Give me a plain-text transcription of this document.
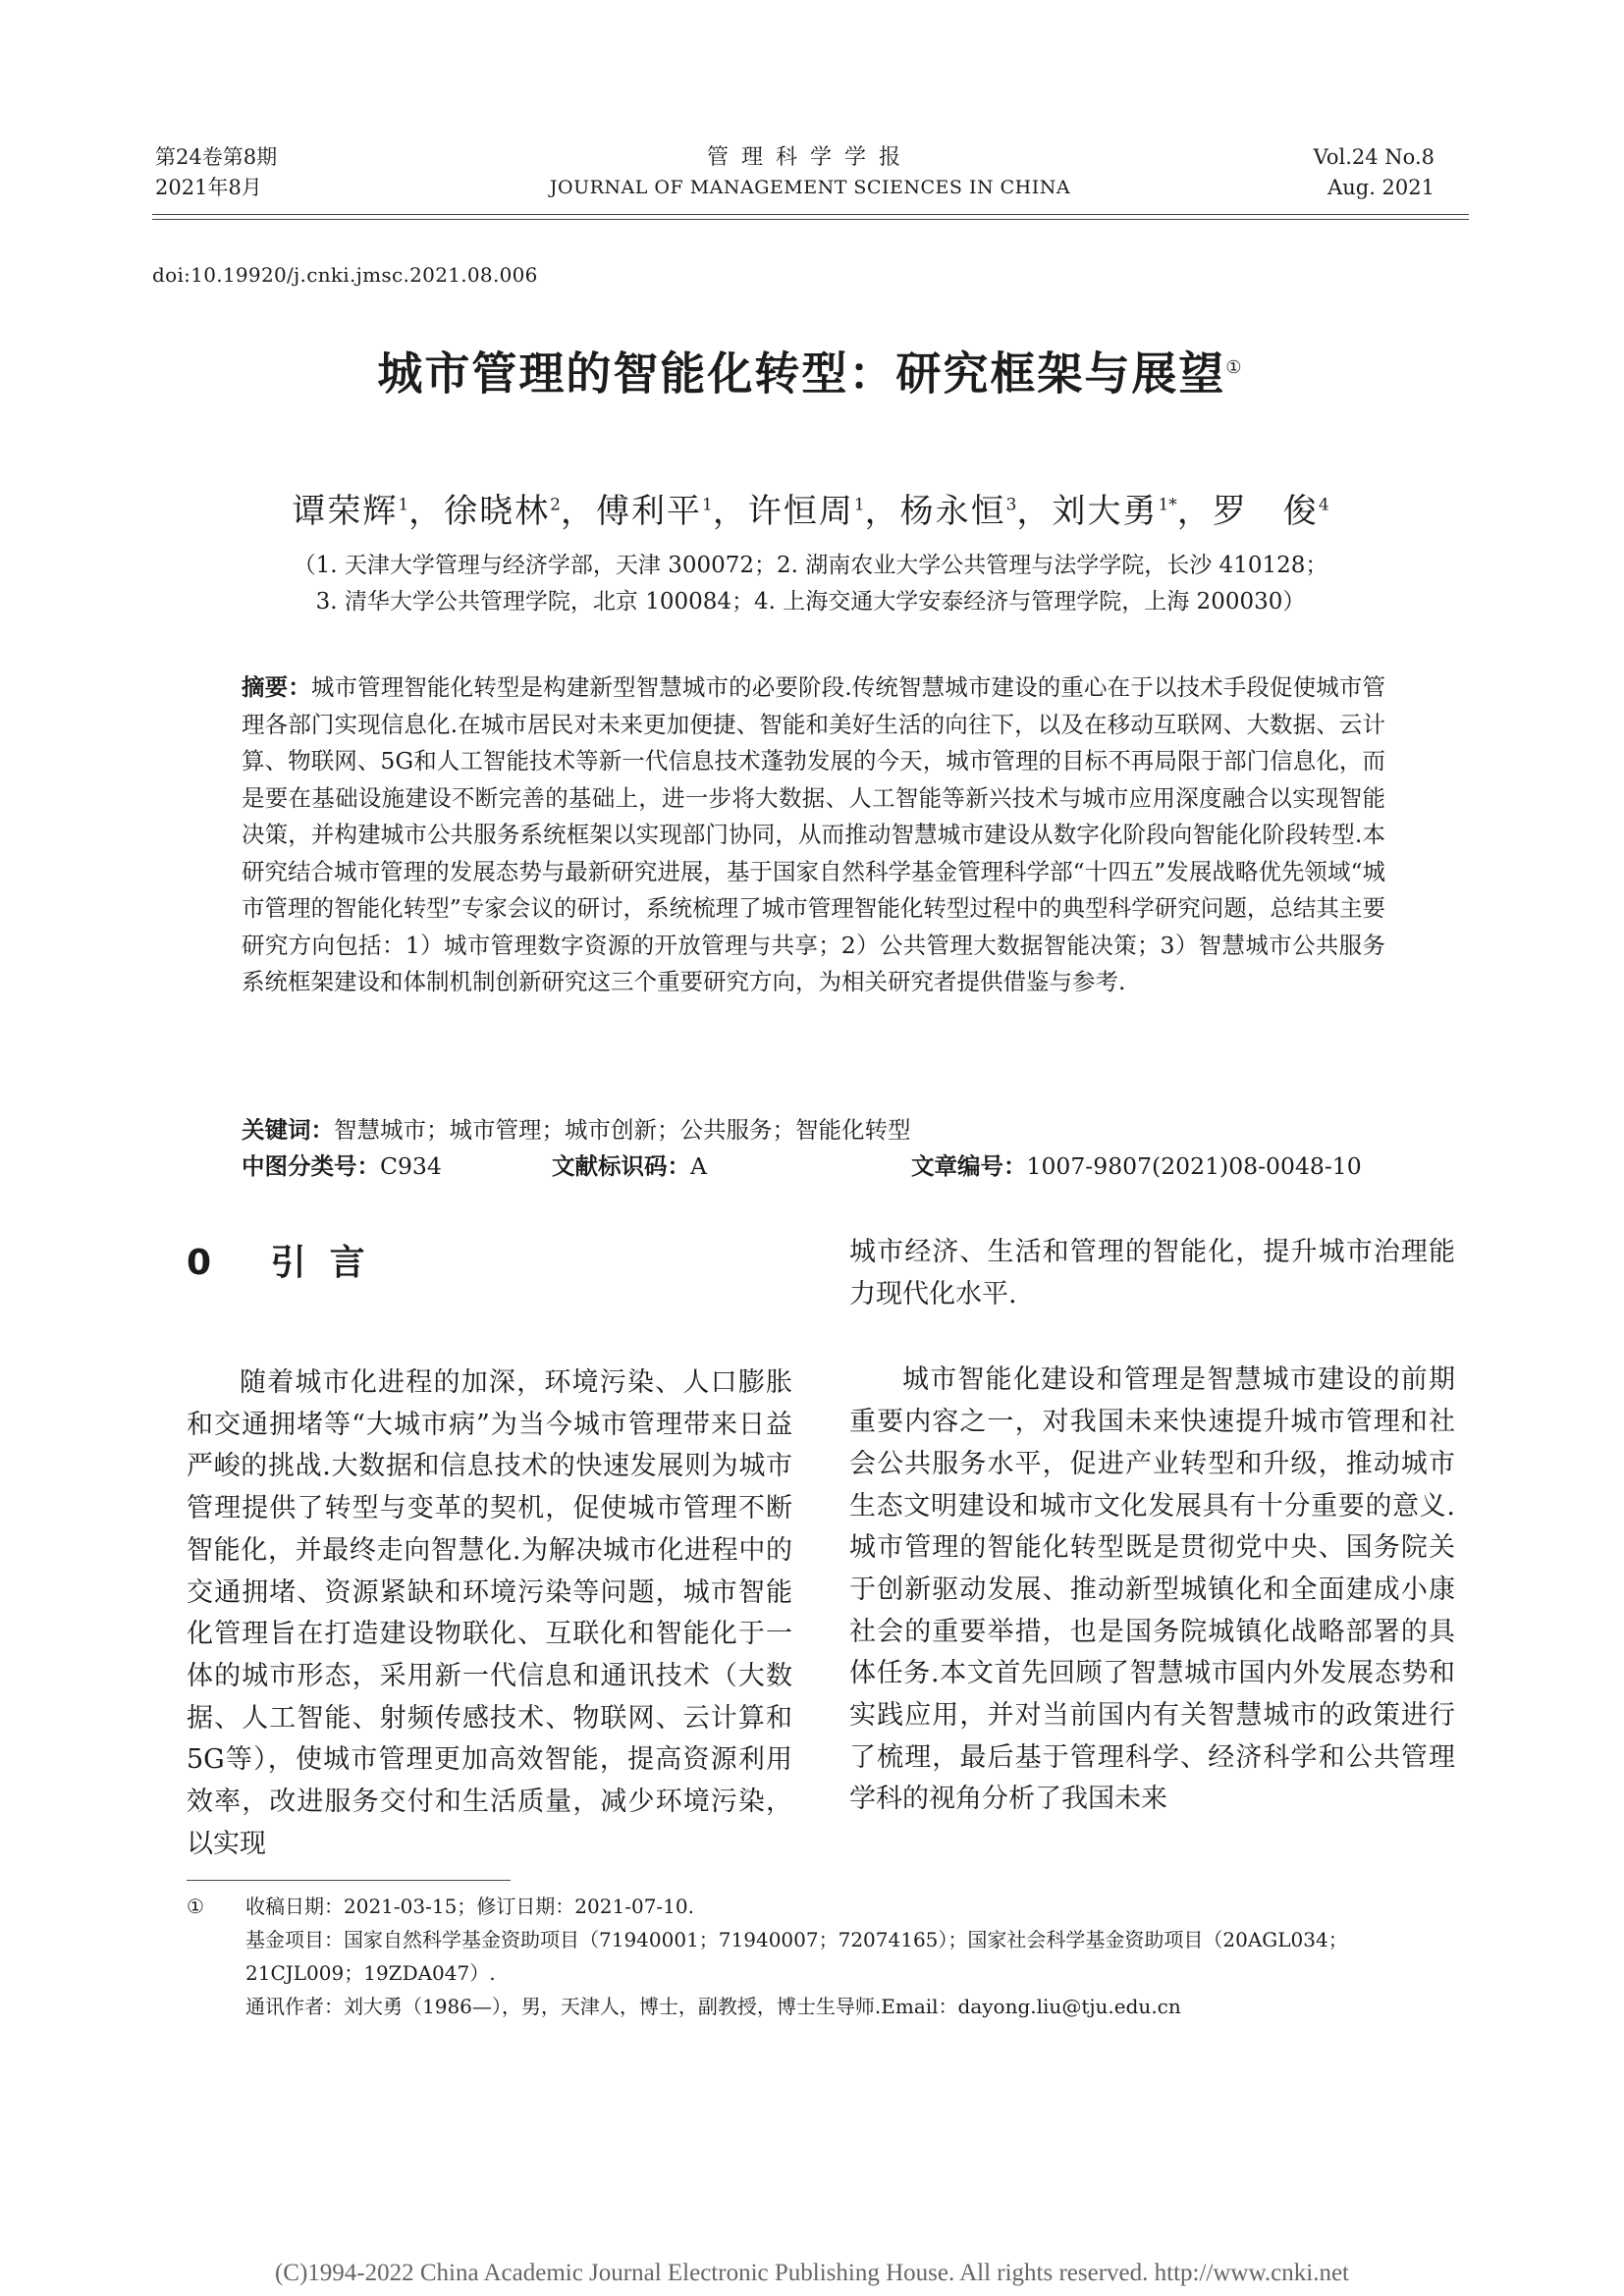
第24卷第8期
2021年8月
管理科学学报
JOURNAL OF MANAGEMENT SCIENCES IN CHINA
Vol.24 No.8
Aug. 2021
doi:10.19920/j.cnki.jmsc.2021.08.006
城市管理的智能化转型：研究框架与展望①
谭荣辉$^1$，徐晓林$^2$，傅利平$^1$，许恒周$^1$，杨永恒$^3$，刘大勇$^{1*}$，罗　俊$^4$
（1. 天津大学管理与经济学部，天津 300072；2. 湖南农业大学公共管理与法学学院，长沙 410128；
3. 清华大学公共管理学院，北京 100084；4. 上海交通大学安泰经济与管理学院，上海 200030）
摘要：城市管理智能化转型是构建新型智慧城市的必要阶段.传统智慧城市建设的重心在于以技术手段促使城市管理各部门实现信息化.在城市居民对未来更加便捷、智能和美好生活的向往下，以及在移动互联网、大数据、云计算、物联网、5G和人工智能技术等新一代信息技术蓬勃发展的今天，城市管理的目标不再局限于部门信息化，而是要在基础设施建设不断完善的基础上，进一步将大数据、人工智能等新兴技术与城市应用深度融合以实现智能决策，并构建城市公共服务系统框架以实现部门协同，从而推动智慧城市建设从数字化阶段向智能化阶段转型.本研究结合城市管理的发展态势与最新研究进展，基于国家自然科学基金管理科学部“十四五”发展战略优先领域“城市管理的智能化转型”专家会议的研讨，系统梳理了城市管理智能化转型过程中的典型科学研究问题，总结其主要研究方向包括：1）城市管理数字资源的开放管理与共享；2）公共管理大数据智能决策；3）智慧城市公共服务系统框架建设和体制机制创新研究这三个重要研究方向，为相关研究者提供借鉴与参考.
关键词：智慧城市；城市管理；城市创新；公共服务；智能化转型
中图分类号：C934	文献标识码：A	文章编号：1007-9807(2021)08-0048-10
0 引言

随着城市化进程的加深，环境污染、人口膨胀和交通拥堵等“大城市病”为当今城市管理带来日益严峻的挑战.大数据和信息技术的快速发展则为城市管理提供了转型与变革的契机，促使城市管理不断智能化，并最终走向智慧化.为解决城市化进程中的交通拥堵、资源紧缺和环境污染等问题，城市智能化管理旨在打造建设物联化、互联化和智能化于一体的城市形态，采用新一代信息和通讯技术（大数据、人工智能、射频传感技术、物联网、云计算和5G等），使城市管理更加高效智能，提高资源利用效率，改进服务交付和生活质量，减少环境污染，以实现

城市经济、生活和管理的智能化，提升城市治理能力现代化水平.

城市智能化建设和管理是智慧城市建设的前期重要内容之一，对我国未来快速提升城市管理和社会公共服务水平，促进产业转型和升级，推动城市生态文明建设和城市文化发展具有十分重要的意义.城市管理的智能化转型既是贯彻党中央、国务院关于创新驱动发展、推动新型城镇化和全面建成小康社会的重要举措，也是国务院城镇化战略部署的具体任务.本文首先回顾了智慧城市国内外发展态势和实践应用，并对当前国内有关智慧城市的政策进行了梳理，最后基于管理科学、经济科学和公共管理学科的视角分析了我国未来

① 收稿日期：2021-03-15；修订日期：2021-07-10.
基金项目：国家自然科学基金资助项目（71940001；71940007；72074165）；国家社会科学基金资助项目（20AGL034；21CJL009；19ZDA047）.
通讯作者：刘大勇（1986—），男，天津人，博士，副教授，博士生导师.Email：dayong.liu@tju.edu.cn
(C)1994-2022 China Academic Journal Electronic Publishing House. All rights reserved. http://www.cnki.net
